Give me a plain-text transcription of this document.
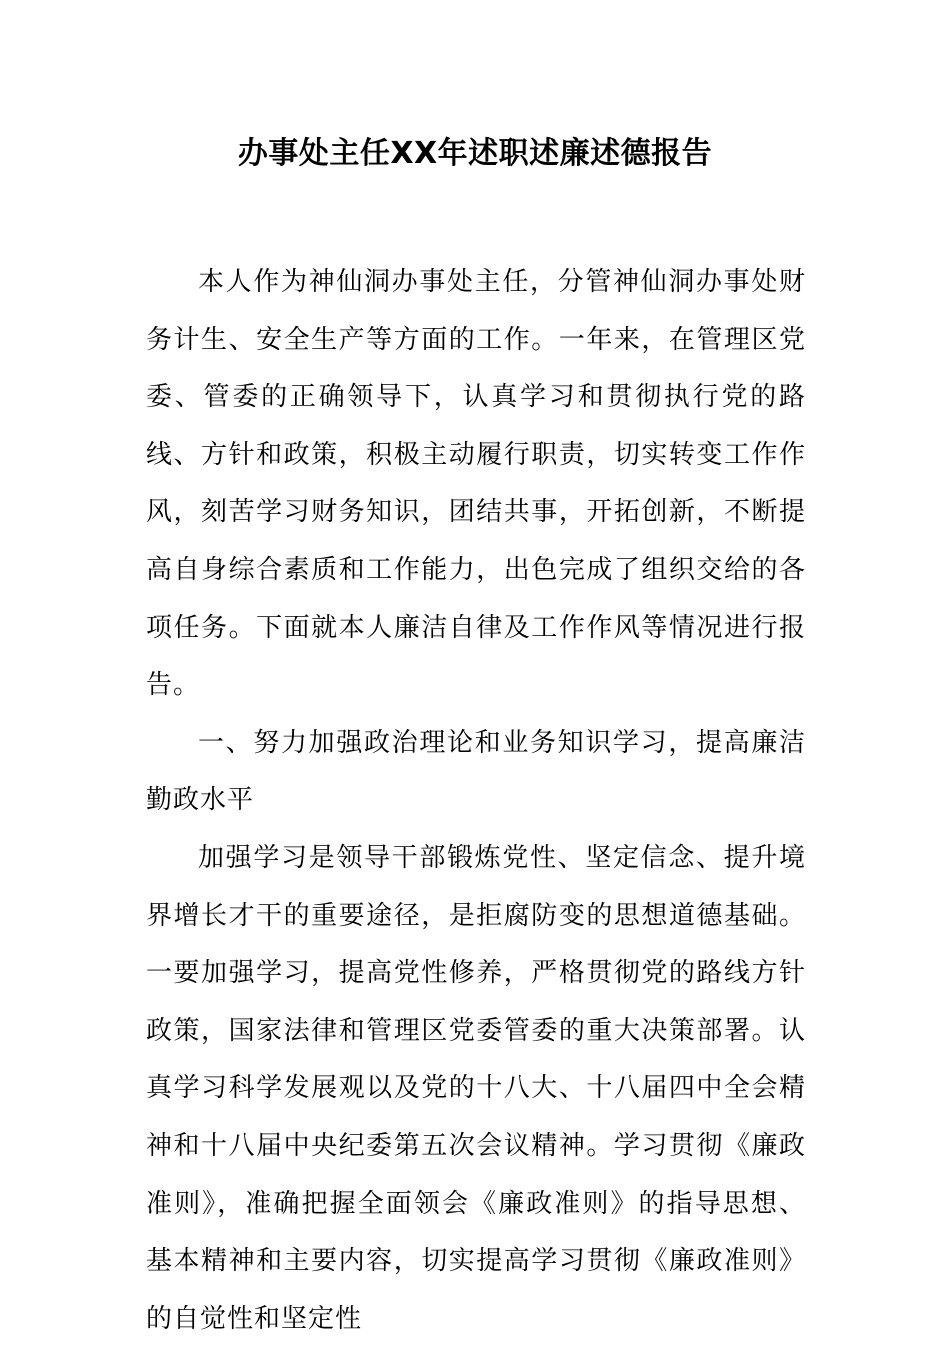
办事处主任XX年述职述廉述德报告

本人作为神仙洞办事处主任，分管神仙洞办事处财务计生、安全生产等方面的工作。一年来，在管理区党委、管委的正确领导下，认真学习和贯彻执行党的路线、方针和政策，积极主动履行职责，切实转变工作作风，刻苦学习财务知识，团结共事，开拓创新，不断提高自身综合素质和工作能力，出色完成了组织交给的各项任务。下面就本人廉洁自律及工作作风等情况进行报告。

一、努力加强政治理论和业务知识学习，提高廉洁勤政水平

加强学习是领导干部锻炼党性、坚定信念、提升境界增长才干的重要途径，是拒腐防变的思想道德基础。一要加强学习，提高党性修养，严格贯彻党的路线方针政策，国家法律和管理区党委管委的重大决策部署。认真学习科学发展观以及党的十八大、十八届四中全会精神和十八届中央纪委第五次会议精神。学习贯彻《廉政准则》，准确把握全面领会《廉政准则》的指导思想、基本精神和主要内容，切实提高学习贯彻《廉政准则》的自觉性和坚定性
